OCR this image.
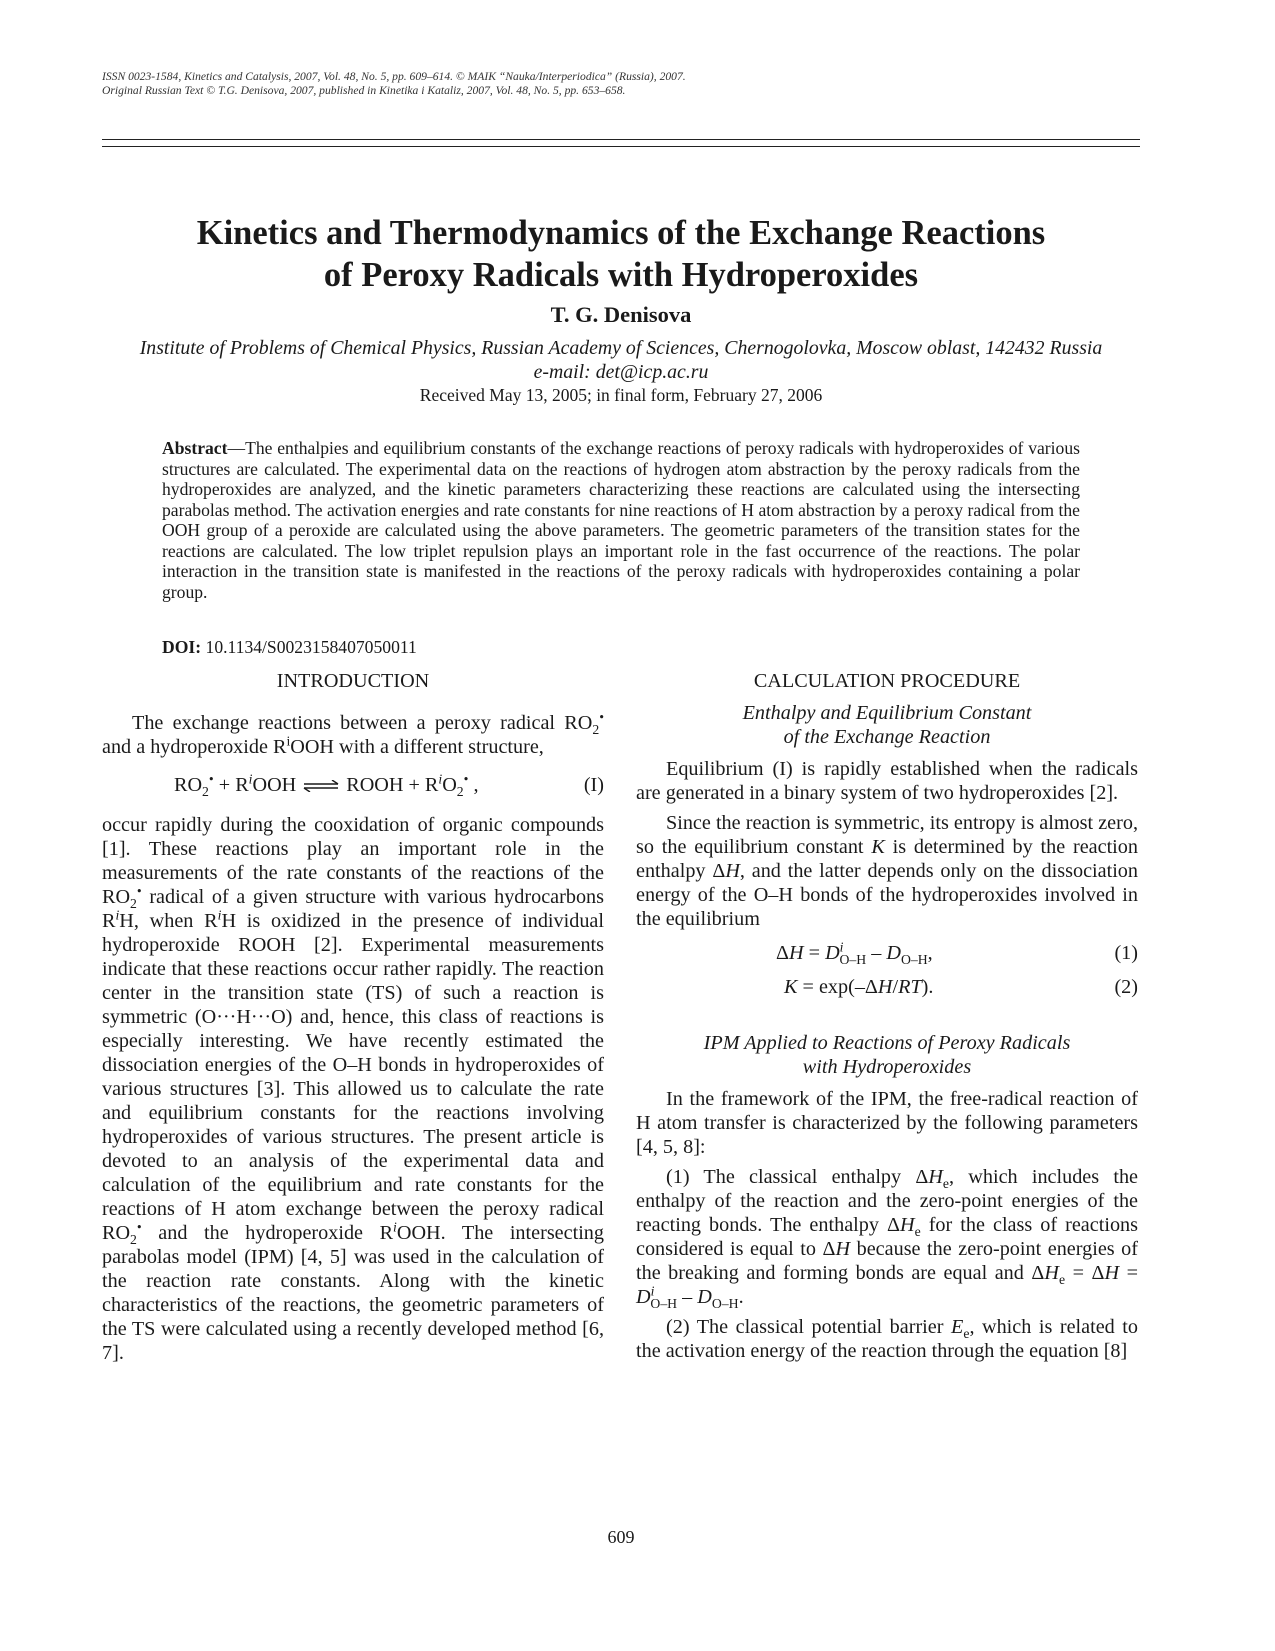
ISSN 0023-1584, Kinetics and Catalysis, 2007, Vol. 48, No. 5, pp. 609–614. © MAIK “Nauka/Interperiodica” (Russia), 2007.
Original Russian Text © T.G. Denisova, 2007, published in Kinetika i Kataliz, 2007, Vol. 48, No. 5, pp. 653–658.
Kinetics and Thermodynamics of the Exchange Reactions
of Peroxy Radicals with Hydroperoxides
T. G. Denisova
Institute of Problems of Chemical Physics, Russian Academy of Sciences, Chernogolovka, Moscow oblast, 142432 Russia
e-mail: det@icp.ac.ru
Received May 13, 2005; in final form, February 27, 2006
Abstract—The enthalpies and equilibrium constants of the exchange reactions of peroxy radicals with hydroperoxides of various structures are calculated. The experimental data on the reactions of hydrogen atom abstraction by the peroxy radicals from the hydroperoxides are analyzed, and the kinetic parameters characterizing these reactions are calculated using the intersecting parabolas method. The activation energies and rate constants for nine reactions of H atom abstraction by a peroxy radical from the OOH group of a peroxide are calculated using the above parameters. The geometric parameters of the transition states for the reactions are calculated. The low triplet repulsion plays an important role in the fast occurrence of the reactions. The polar interaction in the transition state is manifested in the reactions of the peroxy radicals with hydroperoxides containing a polar group.
DOI: 10.1134/S0023158407050011
INTRODUCTION

The exchange reactions between a peroxy radical $RO_2^•$ and a hydroperoxide $R^iOOH$ with a different structure,

$RO_2^• + R^iOOH$ ⇌ ROOH + $R^iO_2^•$ ,	(I)

occur rapidly during the cooxidation of organic compounds [1]. These reactions play an important role in the measurements of the rate constants of the reactions of the $RO_2^•$ radical of a given structure with various hydrocarbons $R^iH$, when $R^iH$ is oxidized in the presence of individual hydroperoxide ROOH [2]. Experimental measurements indicate that these reactions occur rather rapidly. The reaction center in the transition state (TS) of such a reaction is symmetric (O···H···O) and, hence, this class of reactions is especially interesting. We have recently estimated the dissociation energies of the O–H bonds in hydroperoxides of various structures [3]. This allowed us to calculate the rate and equilibrium constants for the reactions involving hydroperoxides of various structures. The present article is devoted to an analysis of the experimental data and calculation of the equilibrium and rate constants for the reactions of H atom exchange between the peroxy radical $RO_2^•$ and the hydroperoxide $R^iOOH$. The intersecting parabolas model (IPM) [4, 5] was used in the calculation of the reaction rate constants. Along with the kinetic characteristics of the reactions, the geometric parameters of the TS were calculated using a recently developed method [6, 7].

CALCULATION PROCEDURE
Enthalpy and Equilibrium Constant
of the Exchange Reaction

Equilibrium (I) is rapidly established when the radicals are generated in a binary system of two hydroperoxides [2].

Since the reaction is symmetric, its entropy is almost zero, so the equilibrium constant K is determined by the reaction enthalpy ΔH, and the latter depends only on the dissociation energy of the O–H bonds of the hydroperoxides involved in the equilibrium

$\Delta H = D^i_{O-H} - D_{O-H}$,	(1)
K = exp(–ΔH/RT).	(2)
IPM Applied to Reactions of Peroxy Radicals
with Hydroperoxides

In the framework of the IPM, the free-radical reaction of H atom transfer is characterized by the following parameters [4, 5, 8]:

(1) The classical enthalpy $\Delta H_e$, which includes the enthalpy of the reaction and the zero-point energies of the reacting bonds. The enthalpy $\Delta H_e$ for the class of reactions considered is equal to ΔH because the zero-point energies of the breaking and forming bonds are equal and $\Delta H_e = \Delta H = D^i_{O-H} - D_{O-H}$.

(2) The classical potential barrier $E_e$, which is related to the activation energy of the reaction through the equation [8]

609
